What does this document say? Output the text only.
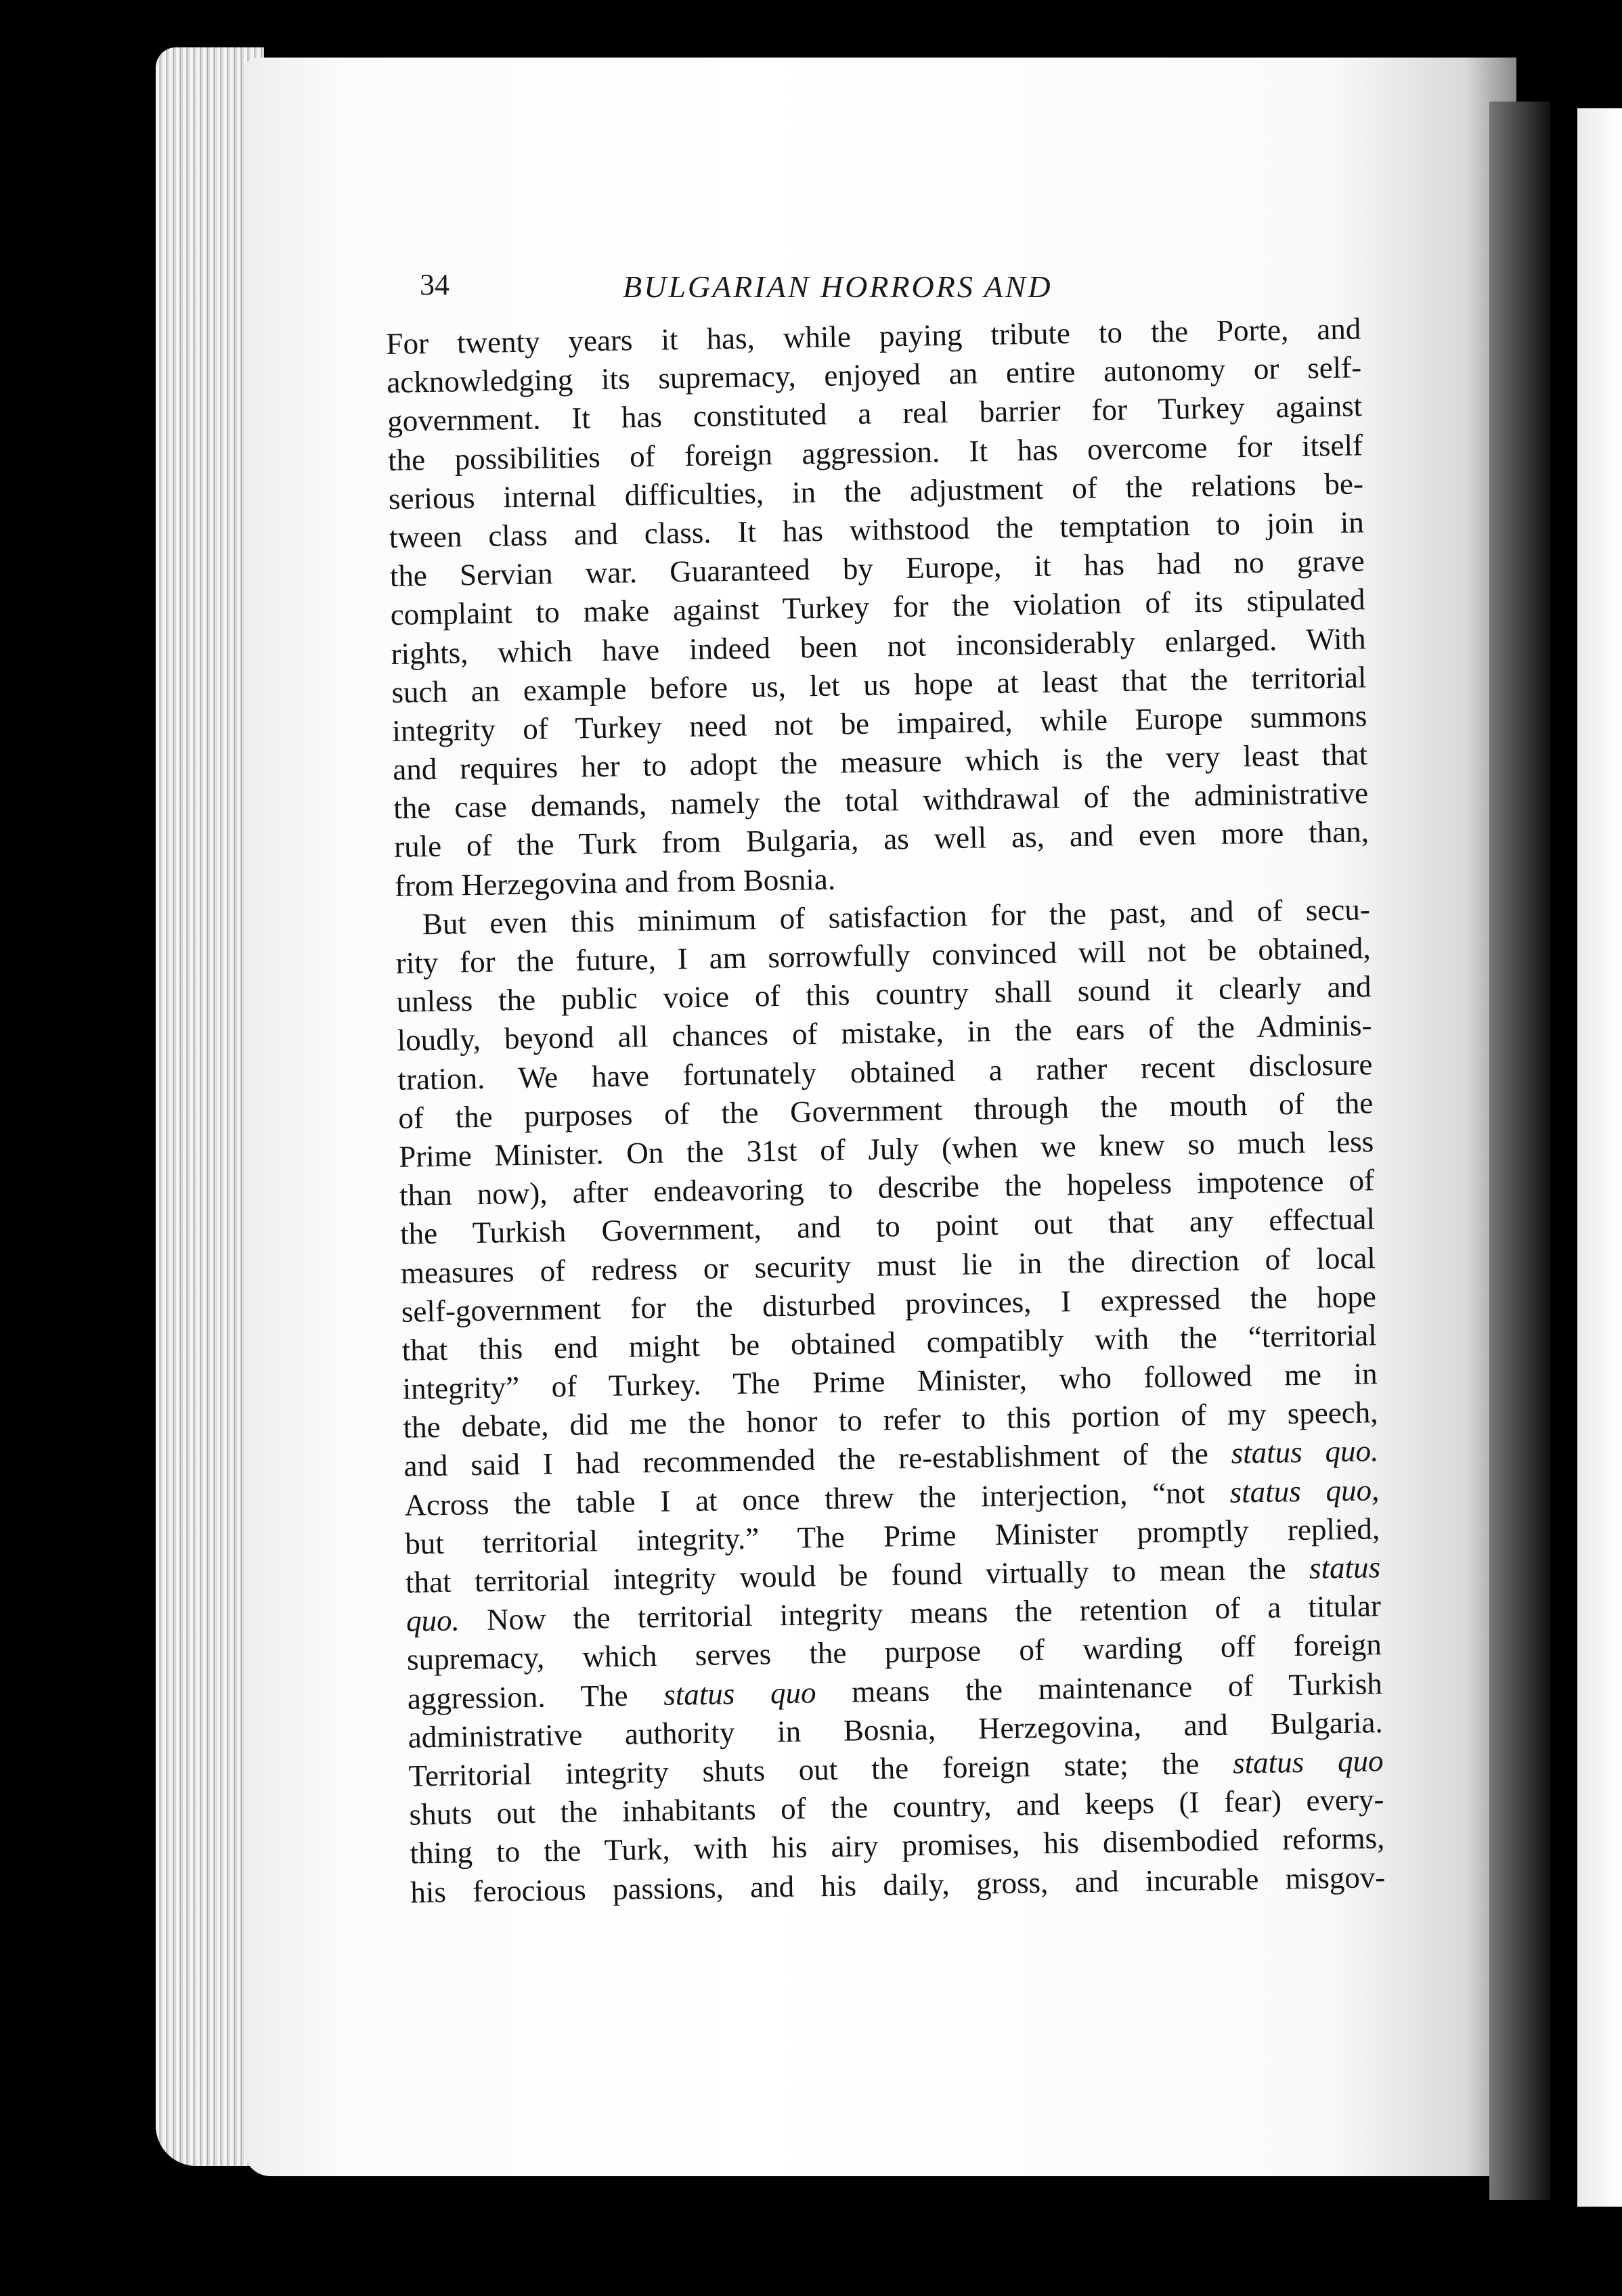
34	BULGARIAN HORRORS AND
For twenty years it has, while paying tribute to the Porte, and
acknowledging its supremacy, enjoyed an entire autonomy or self-
government. It has constituted a real barrier for Turkey against
the possibilities of foreign aggression. It has overcome for itself
serious internal difficulties, in the adjustment of the relations be-
tween class and class. It has withstood the temptation to join in
the Servian war. Guaranteed by Europe, it has had no grave
complaint to make against Turkey for the violation of its stipulated
rights, which have indeed been not inconsiderably enlarged. With
such an example before us, let us hope at least that the territorial
integrity of Turkey need not be impaired, while Europe summons
and requires her to adopt the measure which is the very least that
the case demands, namely the total withdrawal of the administrative
rule of the Turk from Bulgaria, as well as, and even more than,
from Herzegovina and from Bosnia.
But even this minimum of satisfaction for the past, and of secu-
rity for the future, I am sorrowfully convinced will not be obtained,
unless the public voice of this country shall sound it clearly and
loudly, beyond all chances of mistake, in the ears of the Adminis-
tration. We have fortunately obtained a rather recent disclosure
of the purposes of the Government through the mouth of the
Prime Minister. On the 31st of July (when we knew so much less
than now), after endeavoring to describe the hopeless impotence of
the Turkish Government, and to point out that any effectual
measures of redress or security must lie in the direction of local
self-government for the disturbed provinces, I expressed the hope
that this end might be obtained compatibly with the “territorial
integrity” of Turkey. The Prime Minister, who followed me in
the debate, did me the honor to refer to this portion of my speech,
and said I had recommended the re-establishment of the status quo.
Across the table I at once threw the interjection, “not status quo,
but territorial integrity.” The Prime Minister promptly replied,
that territorial integrity would be found virtually to mean the status
quo. Now the territorial integrity means the retention of a titular
supremacy, which serves the purpose of warding off foreign
aggression. The status quo means the maintenance of Turkish
administrative authority in Bosnia, Herzegovina, and Bulgaria.
Territorial integrity shuts out the foreign state; the status quo
shuts out the inhabitants of the country, and keeps (I fear) every-
thing to the Turk, with his airy promises, his disembodied reforms,
his ferocious passions, and his daily, gross, and incurable misgov-
